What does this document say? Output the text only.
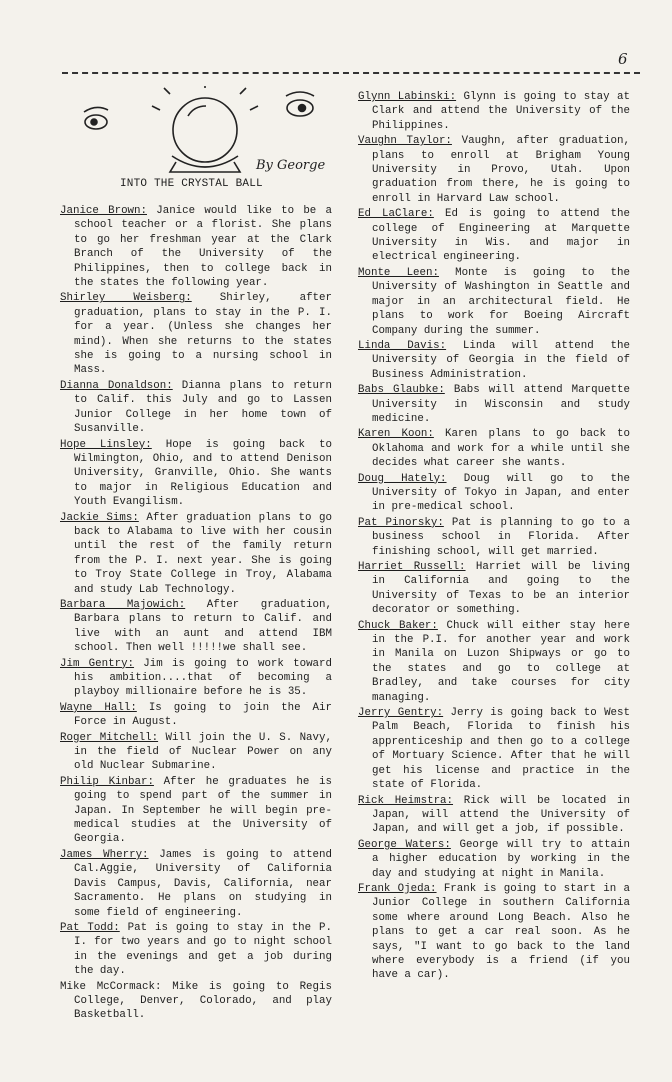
6
By George
INTO THE CRYSTAL BALL
Janice Brown: Janice would like to be a school teacher or a florist. She plans to go her freshman year at the Clark Branch of the University of the Philippines, then to college back in the states the following year.
Shirley Weisberg: Shirley, after graduation, plans to stay in the P. I. for a year. (Unless she changes her mind). When she returns to the states she is going to a nursing school in Mass.
Dianna Donaldson: Dianna plans to return to Calif. this July and go to Lassen Junior College in her home town of Susanville.
Hope Linsley: Hope is going back to Wilmington, Ohio, and to attend Denison University, Granville, Ohio. She wants to major in Religious Education and Youth Evangilism.
Jackie Sims: After graduation plans to go back to Alabama to live with her cousin until the rest of the family return from the P. I. next year. She is going to Troy State College in Troy, Alabama and study Lab Technology.
Barbara Majowich: After graduation, Barbara plans to return to Calif. and live with an aunt and attend IBM school. Then well !!!!!we shall see.
Jim Gentry: Jim is going to work toward his ambition....that of becoming a playboy millionaire before he is 35.
Wayne Hall: Is going to join the Air Force in August.
Roger Mitchell: Will join the U. S. Navy, in the field of Nuclear Power on any old Nuclear Submarine.
Philip Kinbar: After he graduates he is going to spend part of the summer in Japan. In September he will begin pre-medical studies at the University of Georgia.
James Wherry: James is going to attend Cal.Aggie, University of California Davis Campus, Davis, California, near Sacramento. He plans on studying in some field of engineering.
Pat Todd: Pat is going to stay in the P. I. for two years and go to night school in the evenings and get a job during the day.
Mike McCormack: Mike is going to Regis College, Denver, Colorado, and play Basketball.
Glynn Labinski: Glynn is going to stay at Clark and attend the University of the Philippines.
Vaughn Taylor: Vaughn, after graduation, plans to enroll at Brigham Young University in Provo, Utah. Upon graduation from there, he is going to enroll in Harvard Law school.
Ed LaClare: Ed is going to attend the college of Engineering at Marquette University in Wis. and major in electrical engineering.
Monte Leen: Monte is going to the University of Washington in Seattle and major in an architectural field. He plans to work for Boeing Aircraft Company during the summer.
Linda Davis: Linda will attend the University of Georgia in the field of Business Administration.
Babs Glaubke: Babs will attend Marquette University in Wisconsin and study medicine.
Karen Koon: Karen plans to go back to Oklahoma and work for a while until she decides what career she wants.
Doug Hately: Doug will go to the University of Tokyo in Japan, and enter in pre-medical school.
Pat Pinorsky: Pat is planning to go to a business school in Florida. After finishing school, will get married.
Harriet Russell: Harriet will be living in California and going to the University of Texas to be an interior decorator or something.
Chuck Baker: Chuck will either stay here in the P.I. for another year and work in Manila on Luzon Shipways or go to the states and go to college at Bradley, and take courses for city managing.
Jerry Gentry: Jerry is going back to West Palm Beach, Florida to finish his apprenticeship and then go to a college of Mortuary Science. After that he will get his license and practice in the state of Florida.
Rick Heimstra: Rick will be located in Japan, will attend the University of Japan, and will get a job, if possible.
George Waters: George will try to attain a higher education by working in the day and studying at night in Manila.
Frank Ojeda: Frank is going to start in a Junior College in southern California some where around Long Beach. Also he plans to get a car real soon. As he says, "I want to go back to the land where everybody is a friend (if you have a car).
